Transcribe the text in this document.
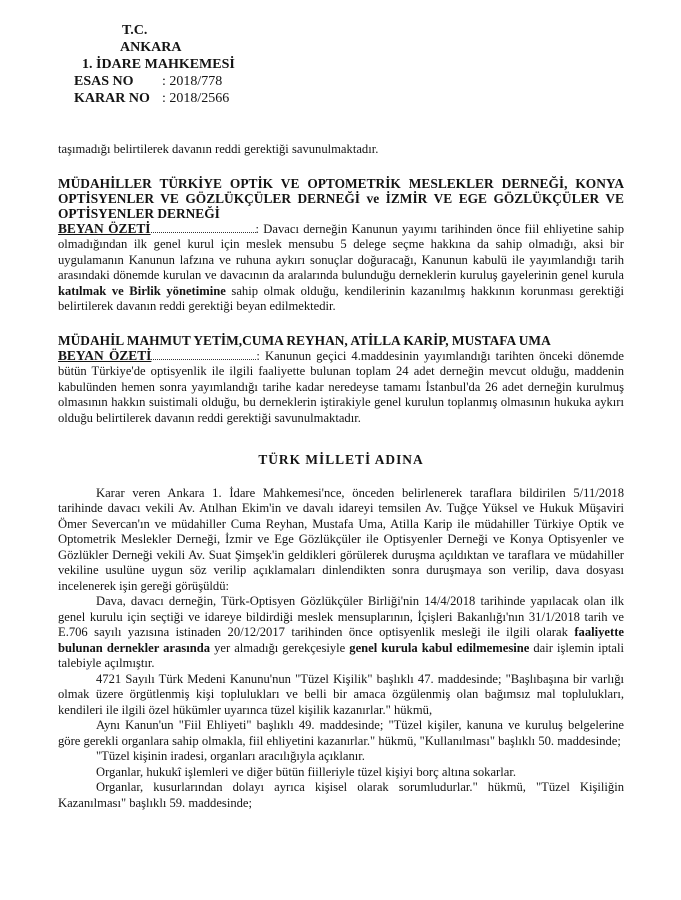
T.C.
ANKARA
1. İDARE MAHKEMESİ
ESAS NO	: 2018/778
KARAR NO : 2018/2566

taşımadığı belirtilerek davanın reddi gerektiği savunulmaktadır.

MÜDAHİLLER TÜRKİYE OPTİK VE OPTOMETRİK MESLEKLER DERNEĞİ, KONYA OPTİSYENLER VE GÖZLÜKÇÜLER DERNEĞİ ve İZMİR VE EGE GÖZLÜKÇÜLER VE OPTİSYENLER DERNEĞİ

BEYAN ÖZETİ	: Davacı derneğin Kanunun yayımı tarihinden önce fiil ehliyetine sahip olmadığından ilk genel kurul için meslek mensubu 5 delege seçme hakkına da sahip olmadığı, aksi bir uygulamanın Kanunun lafzına ve ruhuna aykırı sonuçlar doğuracağı, Kanunun kabulü ile yayımlandığı tarih arasındaki dönemde kurulan ve davacının da aralarında bulunduğu derneklerin kuruluş gayelerinin genel kurula katılmak ve Birlik yönetimine sahip olmak olduğu, kendilerinin kazanılmış hakkının korunması gerektiği belirtilerek davanın reddi gerektiği beyan edilmektedir.

MÜDAHİL MAHMUT YETİM,CUMA REYHAN, ATİLLA KARİP, MUSTAFA UMA

BEYAN ÖZETİ	: Kanunun geçici 4.maddesinin yayımlandığı tarihten önceki dönemde bütün Türkiye'de optisyenlik ile ilgili faaliyette bulunan toplam 24 adet derneğin mevcut olduğu, maddenin kabulünden hemen sonra yayımlandığı tarihe kadar neredeyse tamamı İstanbul'da 26 adet derneğin kurulmuş olmasının hakkın suistimali olduğu, bu derneklerin iştirakiyle genel kurulun toplanmış olmasının hukuka aykırı olduğu belirtilerek davanın reddi gerektiği savunulmaktadır.

TÜRK MİLLETİ ADINA

Karar veren Ankara 1. İdare Mahkemesi'nce, önceden belirlenerek taraflara bildirilen 5/11/2018 tarihinde davacı vekili Av. Atılhan Ekim'in ve davalı idareyi temsilen Av. Tuğçe Yüksel ve Hukuk Müşaviri Ömer Severcan'ın ve müdahiller Cuma Reyhan, Mustafa Uma, Atilla Karip ile müdahiller Türkiye Optik ve Optometrik Meslekler Derneği, İzmir ve Ege Gözlükçüler ile Optisyenler Derneği ve Konya Optisyenler ve Gözlükler Derneği vekili Av. Suat Şimşek'in geldikleri görülerek duruşma açıldıktan ve taraflara ve müdahiller vekiline usulüne uygun söz verilip açıklamaları dinlendikten sonra duruşmaya son verilip, dava dosyası incelenerek işin gereği görüşüldü:

Dava, davacı derneğin, Türk-Optisyen Gözlükçüler Birliği'nin 14/4/2018 tarihinde yapılacak olan ilk genel kurulu için seçtiği ve idareye bildirdiği meslek mensuplarının, İçişleri Bakanlığı'nın 31/1/2018 tarih ve E.706 sayılı yazısına istinaden 20/12/2017 tarihinden önce optisyenlik mesleği ile ilgili olarak faaliyette bulunan dernekler arasında yer almadığı gerekçesiyle genel kurula kabul edilmemesine dair işlemin iptali talebiyle açılmıştır.

4721 Sayılı Türk Medeni Kanunu'nun "Tüzel Kişilik" başlıklı 47. maddesinde; "Başlıbaşına bir varlığı olmak üzere örgütlenmiş kişi toplulukları ve belli bir amaca özgülenmiş olan bağımsız mal toplulukları, kendileri ile ilgili özel hükümler uyarınca tüzel kişilik kazanırlar." hükmü,

Aynı Kanun'un "Fiil Ehliyeti" başlıklı 49. maddesinde; "Tüzel kişiler, kanuna ve kuruluş belgelerine göre gerekli organlara sahip olmakla, fiil ehliyetini kazanırlar." hükmü, "Kullanılması" başlıklı 50. maddesinde;

"Tüzel kişinin iradesi, organları aracılığıyla açıklanır.

Organlar, hukukî işlemleri ve diğer bütün fiilleriyle tüzel kişiyi borç altına sokarlar.

Organlar, kusurlarından dolayı ayrıca kişisel olarak sorumludurlar." hükmü, "Tüzel Kişiliğin Kazanılması" başlıklı 59. maddesinde;
